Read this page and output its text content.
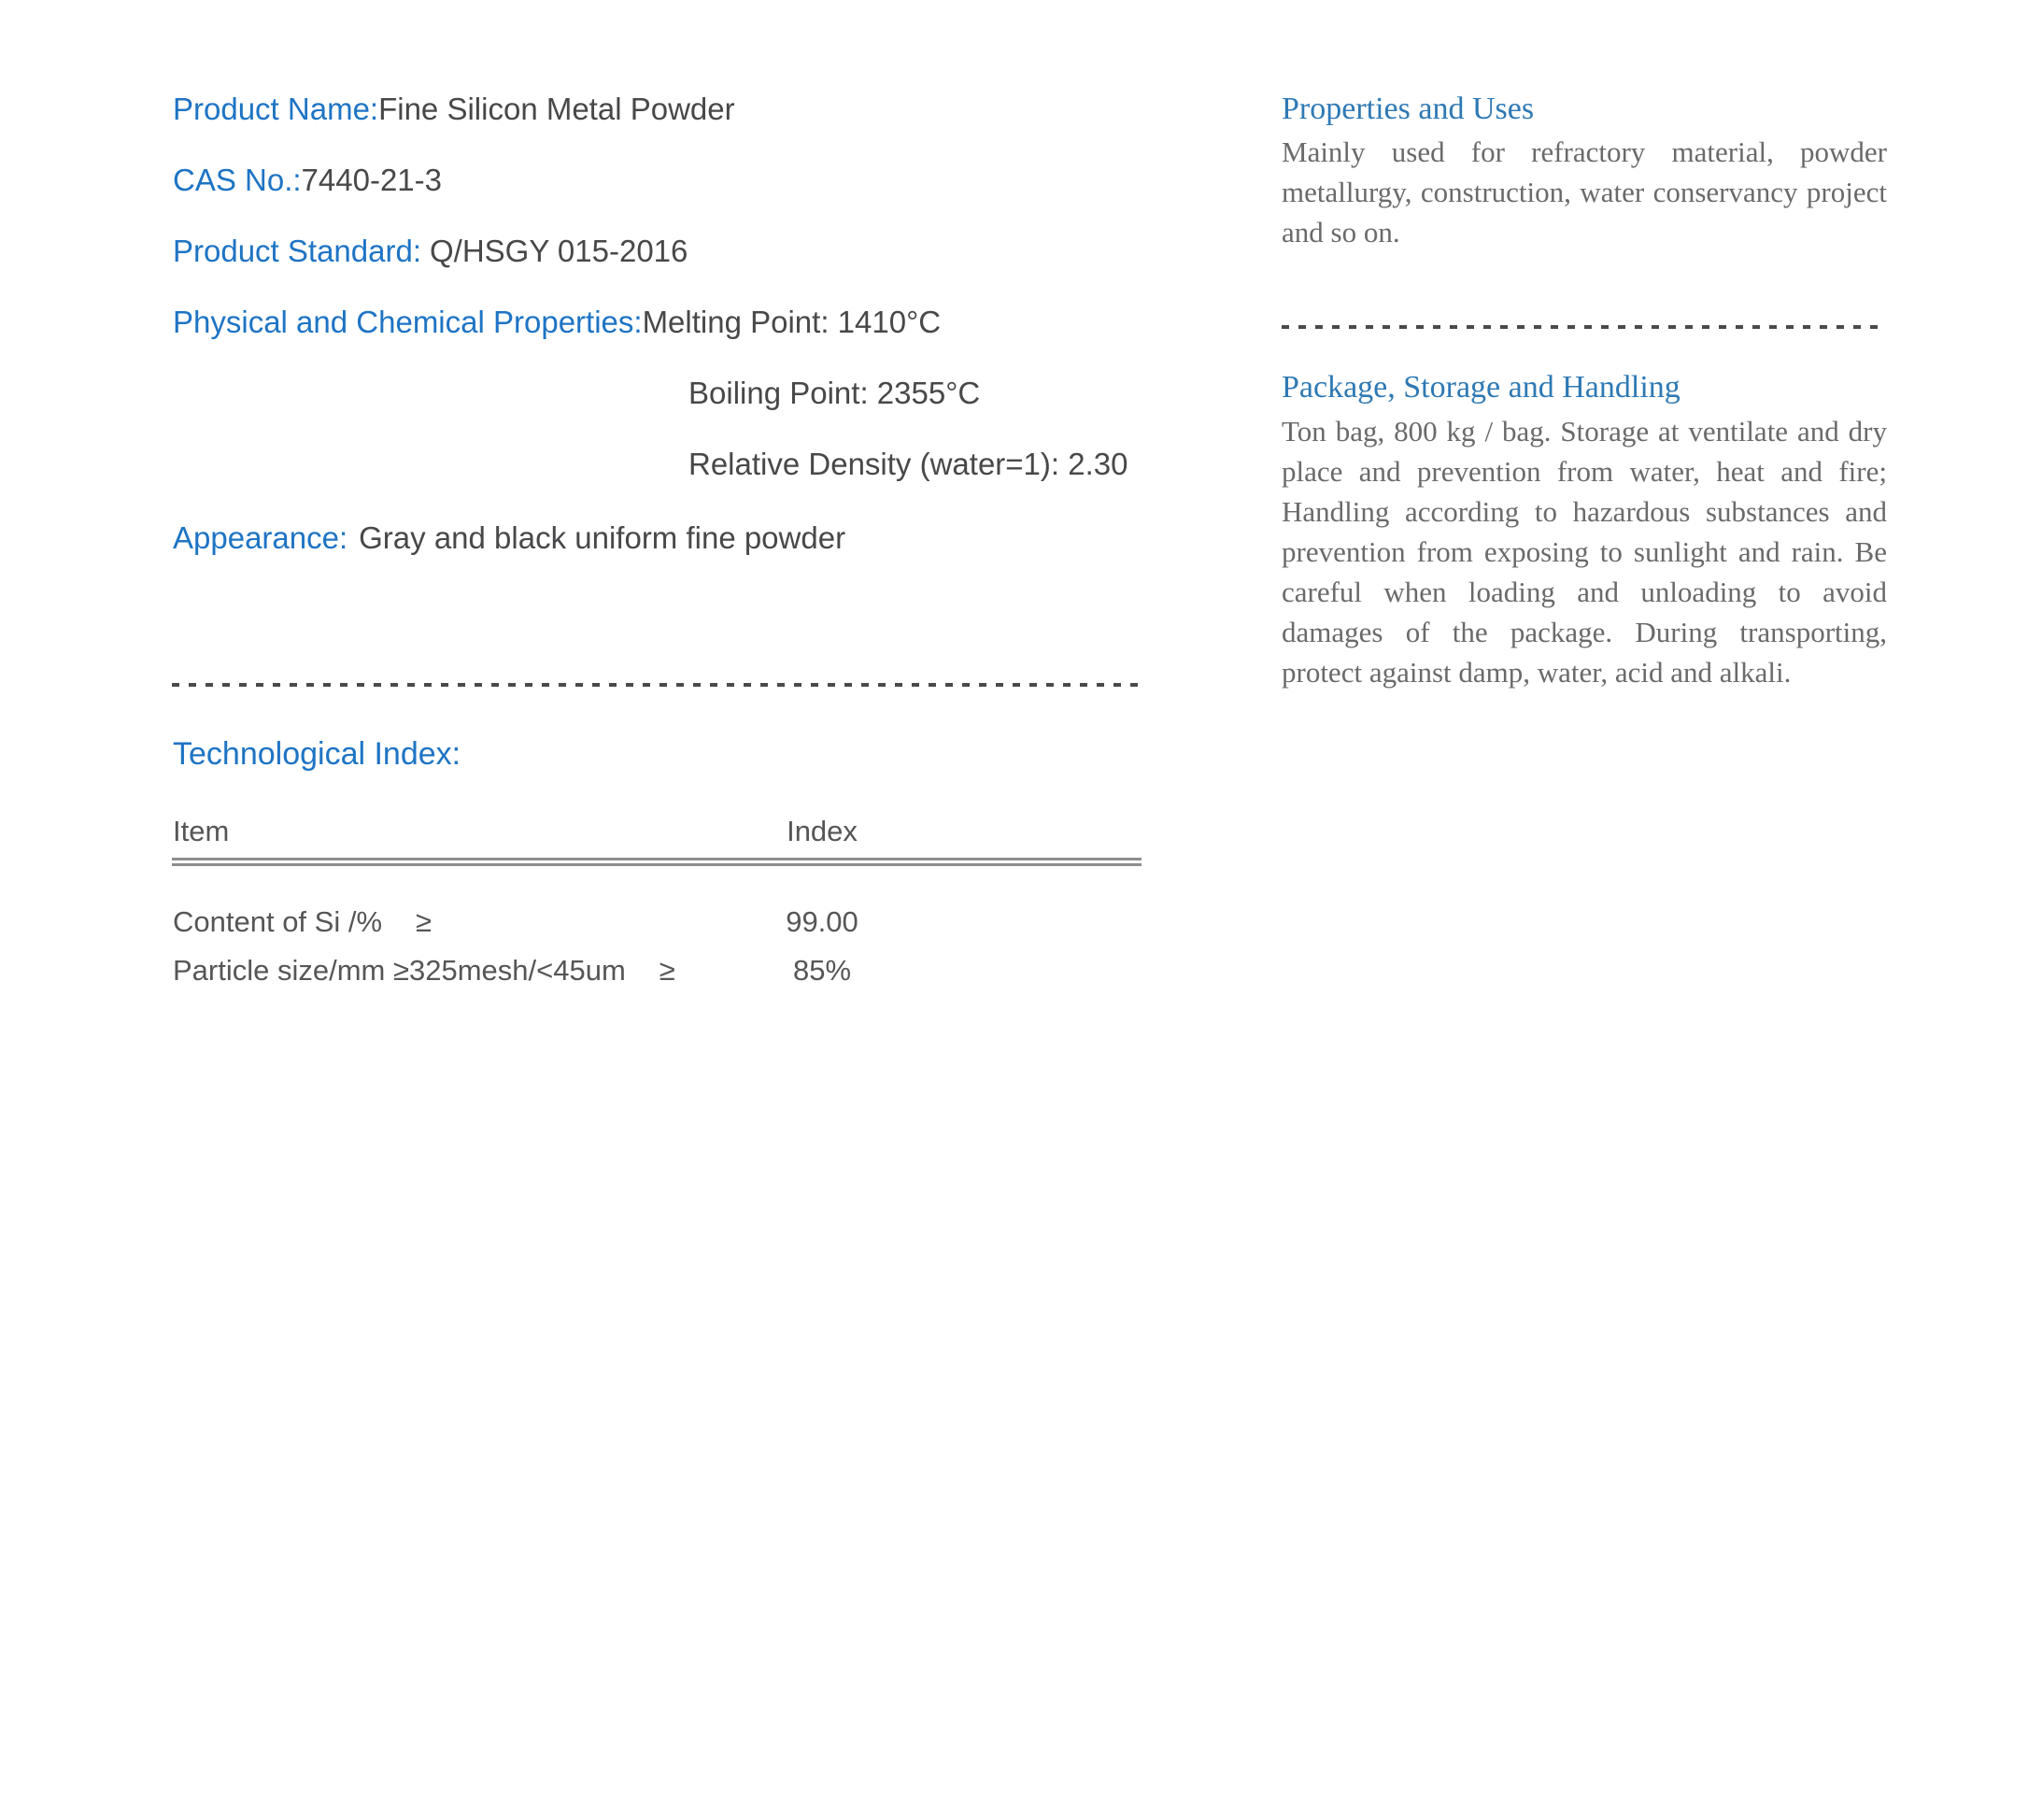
Product Name:Fine Silicon Metal Powder
CAS No.:7440-21-3
Product Standard: Q/HSGY 015-2016
Physical and Chemical Properties:Melting Point: 1410°C
Boiling Point: 2355°C
Relative Density (water=1): 2.30
Appearance: Gray and black uniform fine powder
Technological Index:
Item	Index
Content of Si /% ≥	99.00
Particle size/mm ≥325mesh/<45um ≥	85%
Properties and Uses

Mainly used for refractory material, powder metallurgy, construction, water conservancy project and so on.

Package, Storage and Handling

Ton bag, 800 kg / bag. Storage at ventilate and dry place and prevention from water, heat and fire; Handling according to hazardous substances and prevention from exposing to sunlight and rain. Be careful when loading and unloading to avoid damages of the package. During transporting, protect against damp, water, acid and alkali.
